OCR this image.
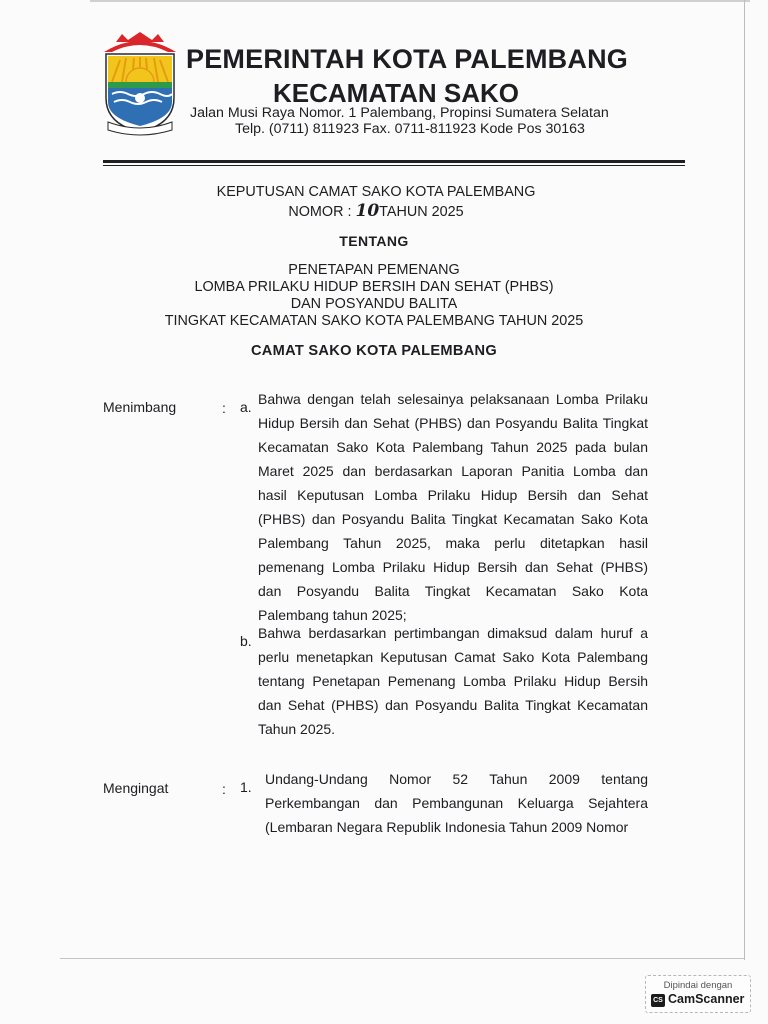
PEMERINTAH KOTA PALEMBANG
KECAMATAN SAKO
Jalan Musi Raya Nomor. 1 Palembang, Propinsi Sumatera Selatan
Telp. (0711) 811923 Fax. 0711-811923 Kode Pos 30163
KEPUTUSAN CAMAT SAKO KOTA PALEMBANG
NOMOR : 10TAHUN 2025
TENTANG
PENETAPAN PEMENANG
LOMBA PRILAKU HIDUP BERSIH DAN SEHAT (PHBS)
DAN POSYANDU BALITA
TINGKAT KECAMATAN SAKO KOTA PALEMBANG TAHUN 2025
CAMAT SAKO KOTA PALEMBANG
Menimbang	: a. Bahwa dengan telah selesainya pelaksanaan Lomba Prilaku
Hidup Bersih dan Sehat (PHBS) dan Posyandu Balita Tingkat
Kecamatan Sako Kota Palembang Tahun 2025 pada bulan
Maret 2025 dan berdasarkan Laporan Panitia Lomba dan
hasil Keputusan Lomba Prilaku Hidup Bersih dan Sehat
(PHBS) dan Posyandu Balita Tingkat Kecamatan Sako Kota
Palembang Tahun 2025, maka perlu ditetapkan hasil
pemenang Lomba Prilaku Hidup Bersih dan Sehat (PHBS)
dan Posyandu Balita Tingkat Kecamatan Sako Kota
Palembang tahun 2025;
b. Bahwa berdasarkan pertimbangan dimaksud dalam huruf a
perlu menetapkan Keputusan Camat Sako Kota Palembang
tentang Penetapan Pemenang Lomba Prilaku Hidup Bersih
dan Sehat (PHBS) dan Posyandu Balita Tingkat Kecamatan
Tahun 2025.
Mengingat	: 1. Undang-Undang Nomor 52 Tahun 2009 tentang
Perkembangan dan Pembangunan Keluarga Sejahtera
(Lembaran Negara Republik Indonesia Tahun 2009 Nomor
Dipindai dengan
CS CamScanner
